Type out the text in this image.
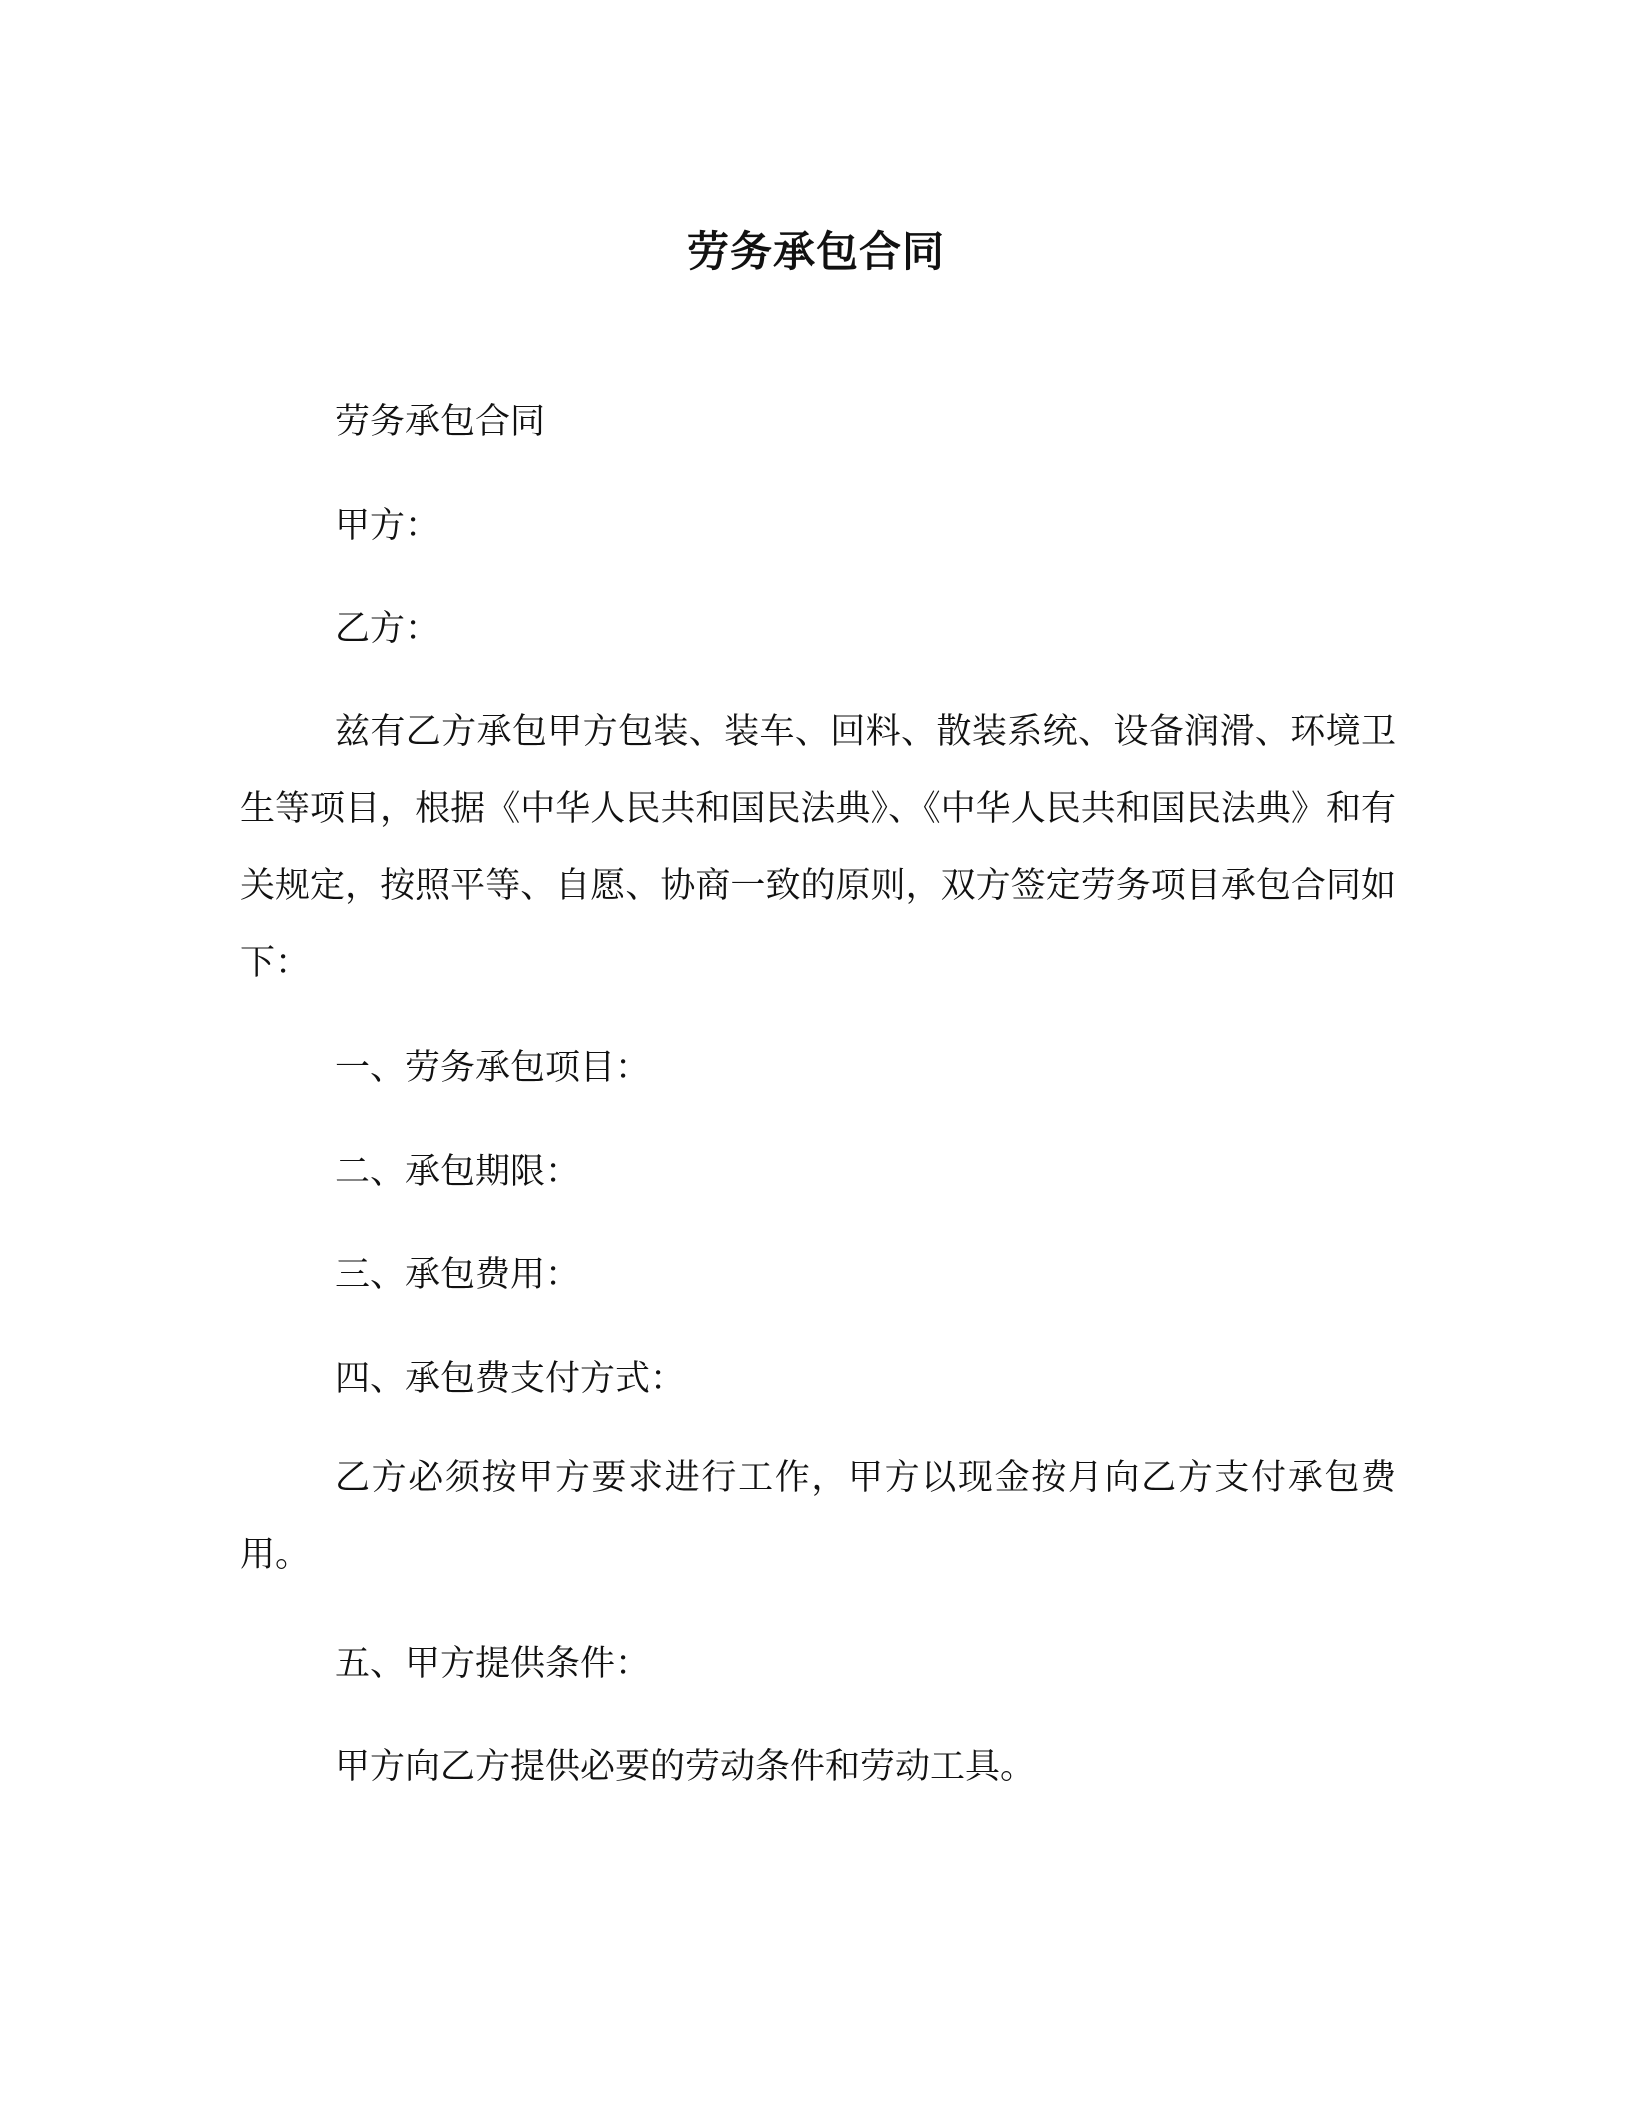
劳务承包合同
劳务承包合同
甲方：
乙方：

兹有乙方承包甲方包装、装车、回料、散装系统、设备润滑、环境卫生等项目，根据《中华人民共和国民法典》、《中华人民共和国民法典》和有关规定，按照平等、自愿、协商一致的原则，双方签定劳务项目承包合同如下：

一、劳务承包项目：
二、承包期限：
三、承包费用：
四、承包费支付方式：

乙方必须按甲方要求进行工作，甲方以现金按月向乙方支付承包费用。

五、甲方提供条件：
甲方向乙方提供必要的劳动条件和劳动工具。
